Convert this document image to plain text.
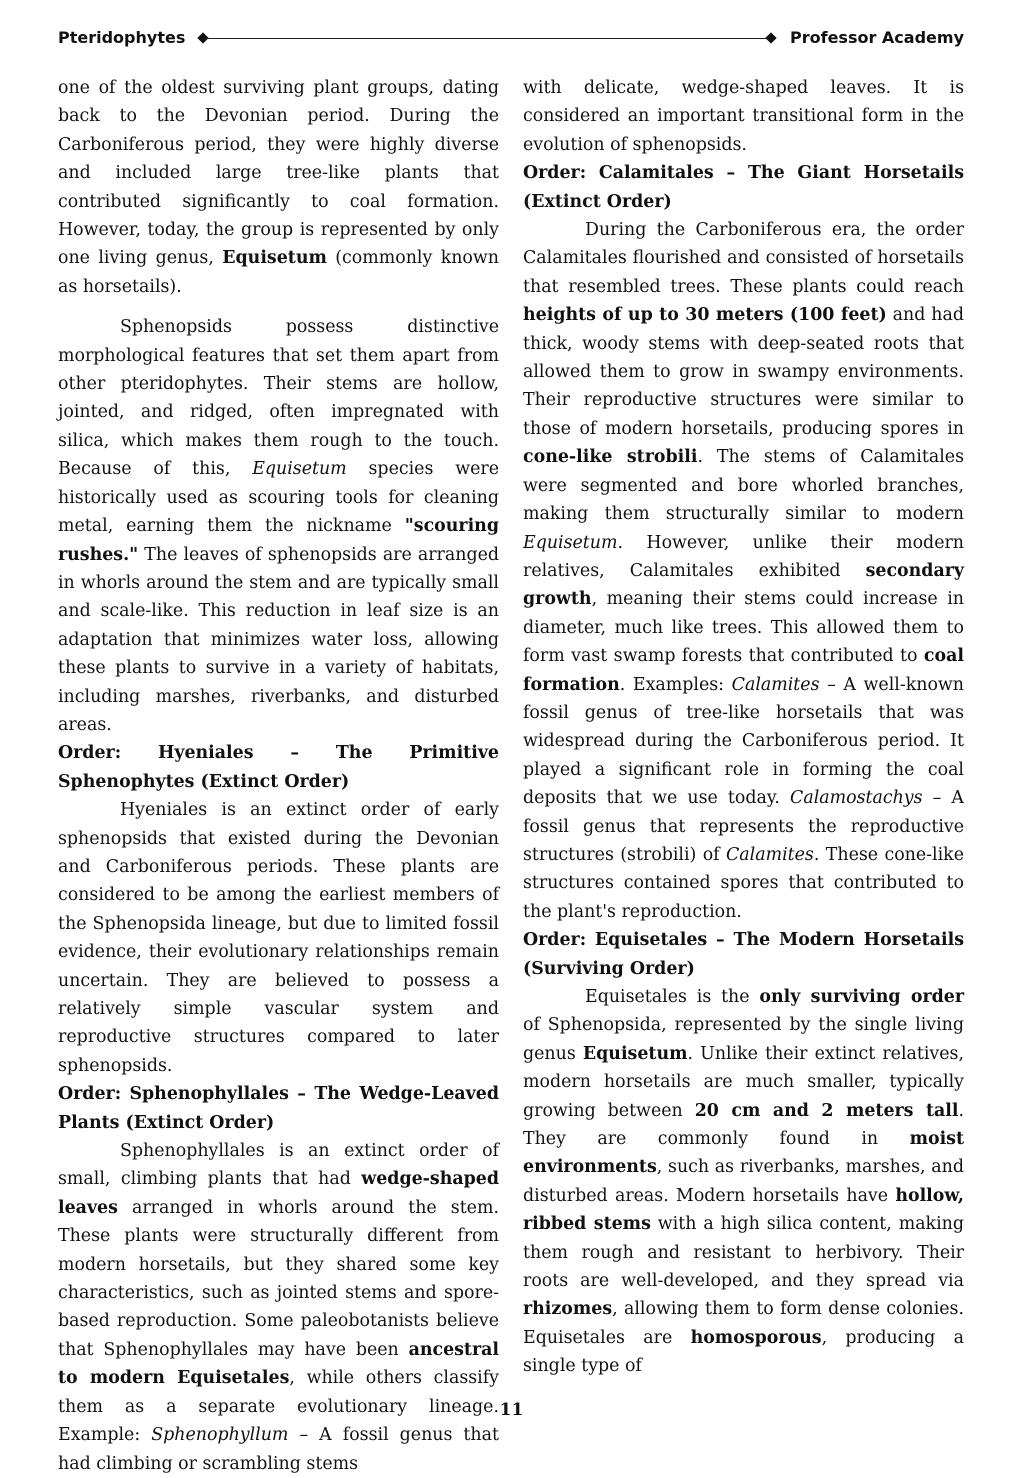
Pteridophytes	Professor Academy

one of the oldest surviving plant groups, dating back to the Devonian period. During the Carboniferous period, they were highly diverse and included large tree-like plants that contributed significantly to coal formation. However, today, the group is represented by only one living genus, Equisetum (commonly known as horsetails).

Sphenopsids possess distinctive morphological features that set them apart from other pteridophytes. Their stems are hollow, jointed, and ridged, often impregnated with silica, which makes them rough to the touch. Because of this, Equisetum species were historically used as scouring tools for cleaning metal, earning them the nickname "scouring rushes." The leaves of sphenopsids are arranged in whorls around the stem and are typically small and scale-like. This reduction in leaf size is an adaptation that minimizes water loss, allowing these plants to survive in a variety of habitats, including marshes, riverbanks, and disturbed areas.

Order: Hyeniales – The Primitive Sphenophytes (Extinct Order)

Hyeniales is an extinct order of early sphenopsids that existed during the Devonian and Carboniferous periods. These plants are considered to be among the earliest members of the Sphenopsida lineage, but due to limited fossil evidence, their evolutionary relationships remain uncertain. They are believed to possess a relatively simple vascular system and reproductive structures compared to later sphenopsids.

Order: Sphenophyllales – The Wedge-Leaved Plants (Extinct Order)

Sphenophyllales is an extinct order of small, climbing plants that had wedge-shaped leaves arranged in whorls around the stem. These plants were structurally different from modern horsetails, but they shared some key characteristics, such as jointed stems and spore-based reproduction. Some paleobotanists believe that Sphenophyllales may have been ancestral to modern Equisetales, while others classify them as a separate evolutionary lineage. Example: Sphenophyllum – A fossil genus that had climbing or scrambling stems

with delicate, wedge-shaped leaves. It is considered an important transitional form in the evolution of sphenopsids.

Order: Calamitales – The Giant Horsetails (Extinct Order)

During the Carboniferous era, the order Calamitales flourished and consisted of horsetails that resembled trees. These plants could reach heights of up to 30 meters (100 feet) and had thick, woody stems with deep-seated roots that allowed them to grow in swampy environments. Their reproductive structures were similar to those of modern horsetails, producing spores in cone-like strobili. The stems of Calamitales were segmented and bore whorled branches, making them structurally similar to modern Equisetum. However, unlike their modern relatives, Calamitales exhibited secondary growth, meaning their stems could increase in diameter, much like trees. This allowed them to form vast swamp forests that contributed to coal formation. Examples: Calamites – A well-known fossil genus of tree-like horsetails that was widespread during the Carboniferous period. It played a significant role in forming the coal deposits that we use today. Calamostachys – A fossil genus that represents the reproductive structures (strobili) of Calamites. These cone-like structures contained spores that contributed to the plant's reproduction.

Order: Equisetales – The Modern Horsetails (Surviving Order)

Equisetales is the only surviving order of Sphenopsida, represented by the single living genus Equisetum. Unlike their extinct relatives, modern horsetails are much smaller, typically growing between 20 cm and 2 meters tall. They are commonly found in moist environments, such as riverbanks, marshes, and disturbed areas. Modern horsetails have hollow, ribbed stems with a high silica content, making them rough and resistant to herbivory. Their roots are well-developed, and they spread via rhizomes, allowing them to form dense colonies. Equisetales are homosporous, producing a single type of

11
